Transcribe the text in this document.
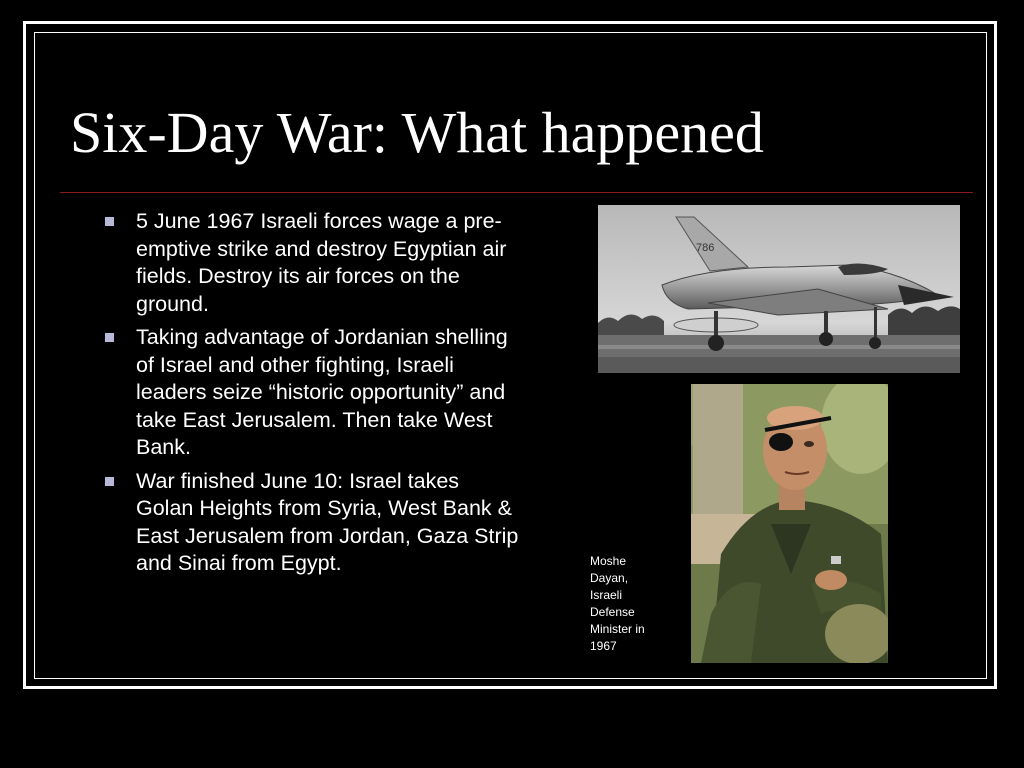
Six-Day War: What happened
5 June 1967 Israeli forces wage a pre-emptive strike and destroy Egyptian air fields. Destroy its air forces on the ground.
Taking advantage of Jordanian shelling of Israel and other fighting, Israeli leaders seize “historic opportunity” and take East Jerusalem. Then take West Bank.
War finished June 10: Israel takes Golan Heights from Syria, West Bank & East Jerusalem from Jordan, Gaza Strip and Sinai from Egypt.
786
Moshe
Dayan,
Israeli
Defense
Minister in
1967
